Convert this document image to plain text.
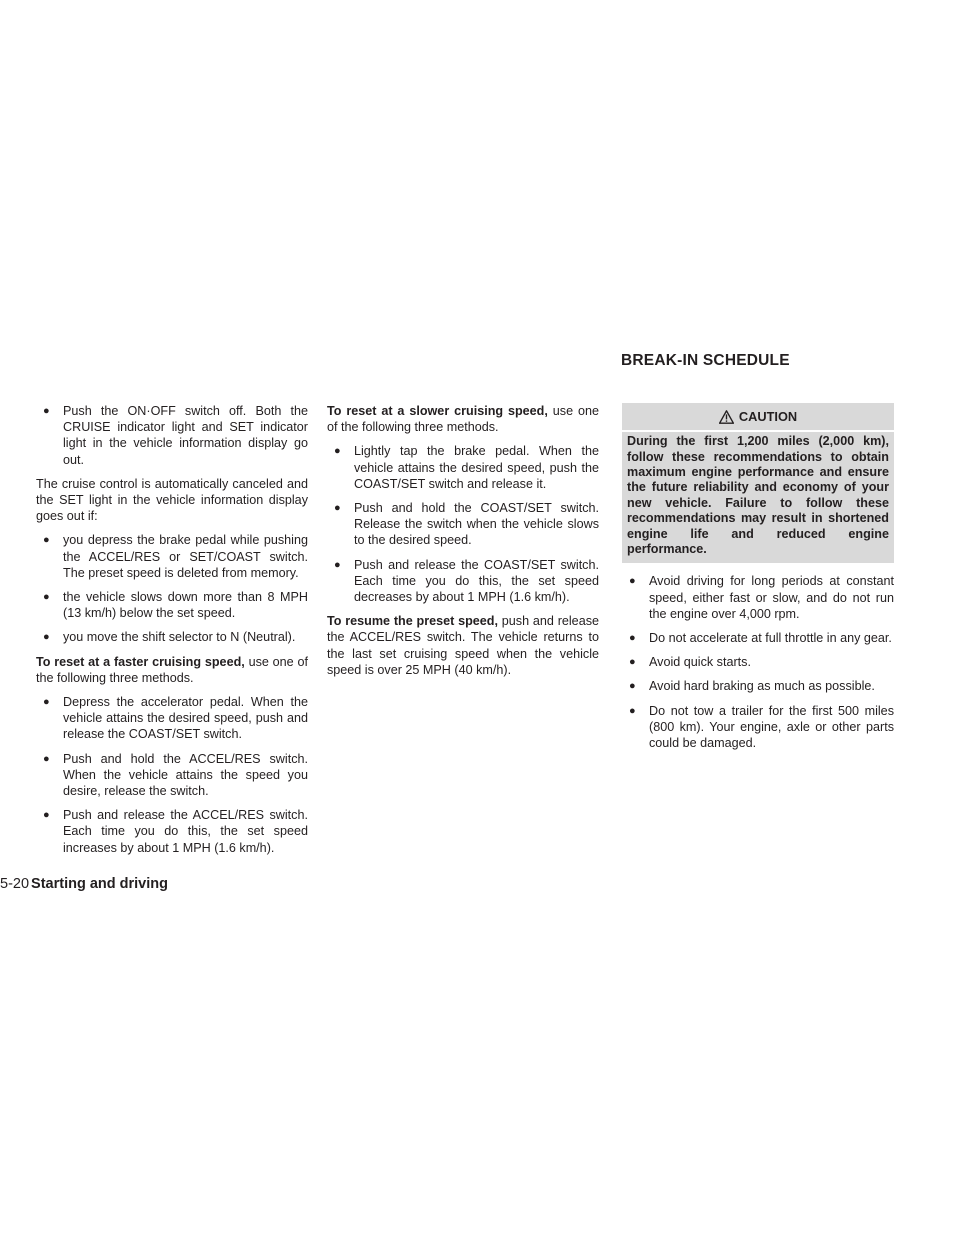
BREAK-IN SCHEDULE
● Push the ON·OFF switch off. Both the CRUISE indicator light and SET indicator light in the vehicle information display go out.

The cruise control is automatically canceled and the SET light in the vehicle information display goes out if:

● you depress the brake pedal while pushing the ACCEL/RES or SET/COAST switch. The preset speed is deleted from memory.
● the vehicle slows down more than 8 MPH (13 km/h) below the set speed.
● you move the shift selector to N (Neutral).

To reset at a faster cruising speed, use one of the following three methods.

● Depress the accelerator pedal. When the vehicle attains the desired speed, push and release the COAST/SET switch.
● Push and hold the ACCEL/RES switch. When the vehicle attains the speed you desire, release the switch.
● Push and release the ACCEL/RES switch. Each time you do this, the set speed increases by about 1 MPH (1.6 km/h).

To reset at a slower cruising speed, use one of the following three methods.

● Lightly tap the brake pedal. When the vehicle attains the desired speed, push the COAST/SET switch and release it.
● Push and hold the COAST/SET switch. Release the switch when the vehicle slows to the desired speed.
● Push and release the COAST/SET switch. Each time you do this, the set speed decreases by about 1 MPH (1.6 km/h).

To resume the preset speed, push and release the ACCEL/RES switch. The vehicle returns to the last set cruising speed when the vehicle speed is over 25 MPH (40 km/h).

CAUTION
During the first 1,200 miles (2,000 km), follow these recommendations to obtain maximum engine performance and ensure the future reliability and economy of your new vehicle. Failure to follow these recommendations may result in shortened engine life and reduced engine performance.
● Avoid driving for long periods at constant speed, either fast or slow, and do not run the engine over 4,000 rpm.
● Do not accelerate at full throttle in any gear.
● Avoid quick starts.
● Avoid hard braking as much as possible.
● Do not tow a trailer for the first 500 miles (800 km). Your engine, axle or other parts could be damaged.
5-20 Starting and driving
